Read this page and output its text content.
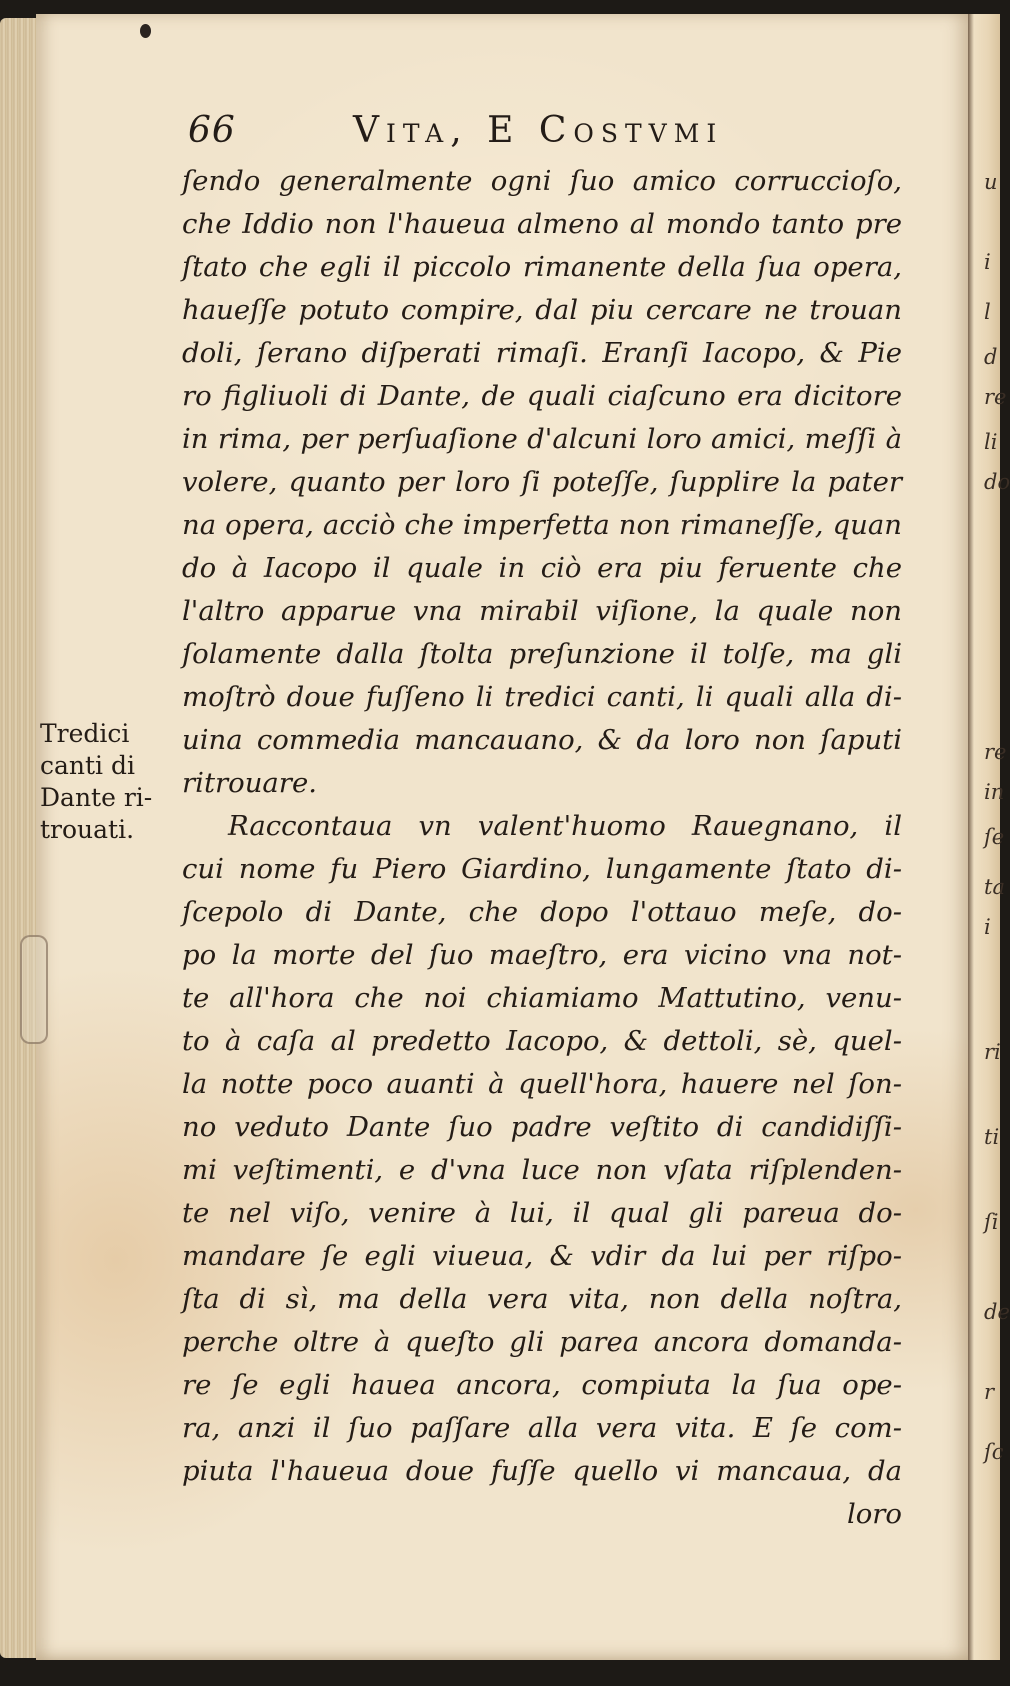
66	Vita, E Costvmi
Tredici
canti di
Dante ri-
trouati.
ſendo generalmente ogni ſuo amico corruccioſo,
che Iddio non l'haueua almeno al mondo tanto pre
ſtato che egli il piccolo rimanente della ſua opera,
haueſſe potuto compire, dal piu cercare ne trouan
doli, ſerano diſperati rimaſi. Eranſi Iacopo, & Pie
ro figliuoli di Dante, de quali ciaſcuno era dicitore
in rima, per perſuaſione d'alcuni loro amici, meſſi à
volere, quanto per loro ſi poteſſe, ſupplire la pater
na opera, acciò che imperfetta non rimaneſſe, quan
do à Iacopo il quale in ciò era piu feruente che
l'altro apparue vna mirabil viſione, la quale non
ſolamente dalla ſtolta preſunzione il tolſe, ma gli
moſtrò doue fuſſeno li tredici canti, li quali alla di-
uina commedia mancauano, & da loro non ſaputi
ritrouare.
Raccontaua vn valent'huomo Rauegnano, il
cui nome fu Piero Giardino, lungamente ſtato di-
ſcepolo di Dante, che dopo l'ottauo meſe, do-
po la morte del ſuo maeſtro, era vicino vna not-
te all'hora che noi chiamiamo Mattutino, venu-
to à caſa al predetto Iacopo, & dettoli, sè, quel-
la notte poco auanti à quell'hora, hauere nel ſon-
no veduto Dante ſuo padre veſtito di candidiſſi-
mi veſtimenti, e d'vna luce non vſata riſplenden-
te nel viſo, venire à lui, il qual gli pareua do-
mandare ſe egli viueua, & vdir da lui per riſpo-
ſta di sì, ma della vera vita, non della noſtra,
perche oltre à queſto gli parea ancora domanda-
re ſe egli hauea ancora, compiuta la ſua ope-
ra, anzi il ſuo paſſare alla vera vita. E ſe com-
piuta l'haueua doue fuſſe quello vi mancaua, da
loro
u
i
l
d
re
li
do
re
in
ſe
ta
i
ri
ti
ſi
de
r
ſc
